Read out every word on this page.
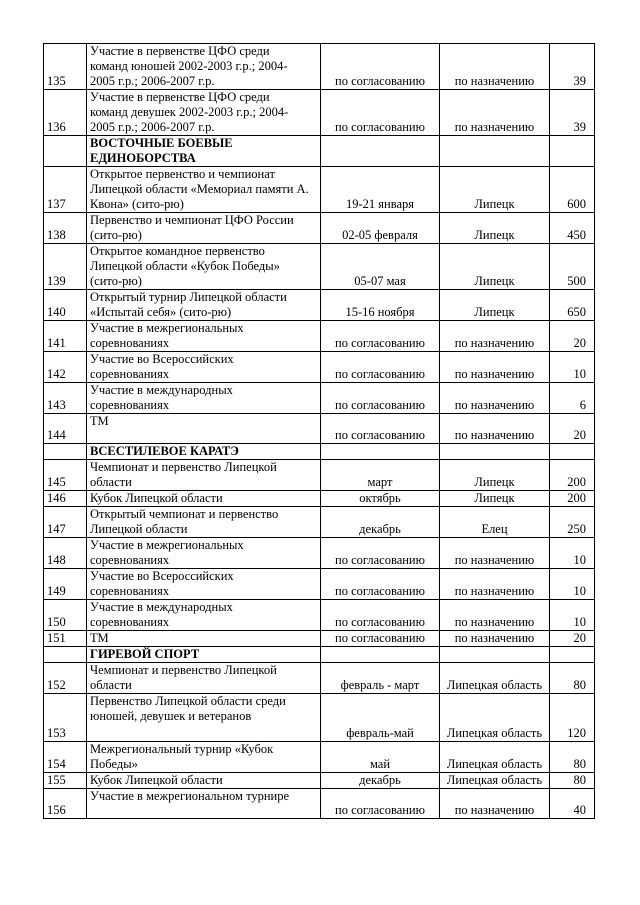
135	Участие в первенстве ЦФО среди
команд юношей 2002-2003 г.р.; 2004-
2005 г.р.; 2006-2007 г.р.	по согласованию	по назначению	39

136	Участие в первенстве ЦФО среди
команд девушек 2002-2003 г.р.; 2004-
2005 г.р.; 2006-2007 г.р.	по согласованию	по назначению	39

	ВОСТОЧНЫЕ БОЕВЫЕ
ЕДИНОБОРСТВА			

137	Открытое первенство и чемпионат
Липецкой области «Мемориал памяти А.
Квона» (сито-рю)	19-21 января	Липецк	600

138	Первенство и чемпионат ЦФО России
(сито-рю)	02-05 февраля	Липецк	450

139	Открытое командное первенство
Липецкой области «Кубок Победы»
(сито-рю)	05-07 мая	Липецк	500

140	Открытый турнир Липецкой области
«Испытай себя» (сито-рю)	15-16 ноября	Липецк	650

141	Участие в межрегиональных
соревнованиях	по согласованию	по назначению	20

142	Участие во Всероссийских
соревнованиях	по согласованию	по назначению	10

143	Участие в международных
соревнованиях	по согласованию	по назначению	6

144	ТМ	по согласованию	по назначению	20

	ВСЕСТИЛЕВОЕ КАРАТЭ			

145	Чемпионат и первенство Липецкой
области	март	Липецк	200

146	Кубок Липецкой области	октябрь	Липецк	200

147	Открытый чемпионат и первенство
Липецкой области	декабрь	Елец	250

148	Участие в межрегиональных
соревнованиях	по согласованию	по назначению	10

149	Участие во Всероссийских
соревнованиях	по согласованию	по назначению	10

150	Участие в международных
соревнованиях	по согласованию	по назначению	10

151	ТМ	по согласованию	по назначению	20

	ГИРЕВОЙ СПОРТ			

152	Чемпионат и первенство Липецкой
области	февраль - март	Липецкая область	80

153	Первенство Липецкой области среди
юношей, девушек и ветеранов	февраль-май	Липецкая область	120

154	Межрегиональный турнир «Кубок
Победы»	май	Липецкая область	80

155	Кубок Липецкой области	декабрь	Липецкая область	80

156	Участие в межрегиональном турнире	по согласованию	по назначению	40
